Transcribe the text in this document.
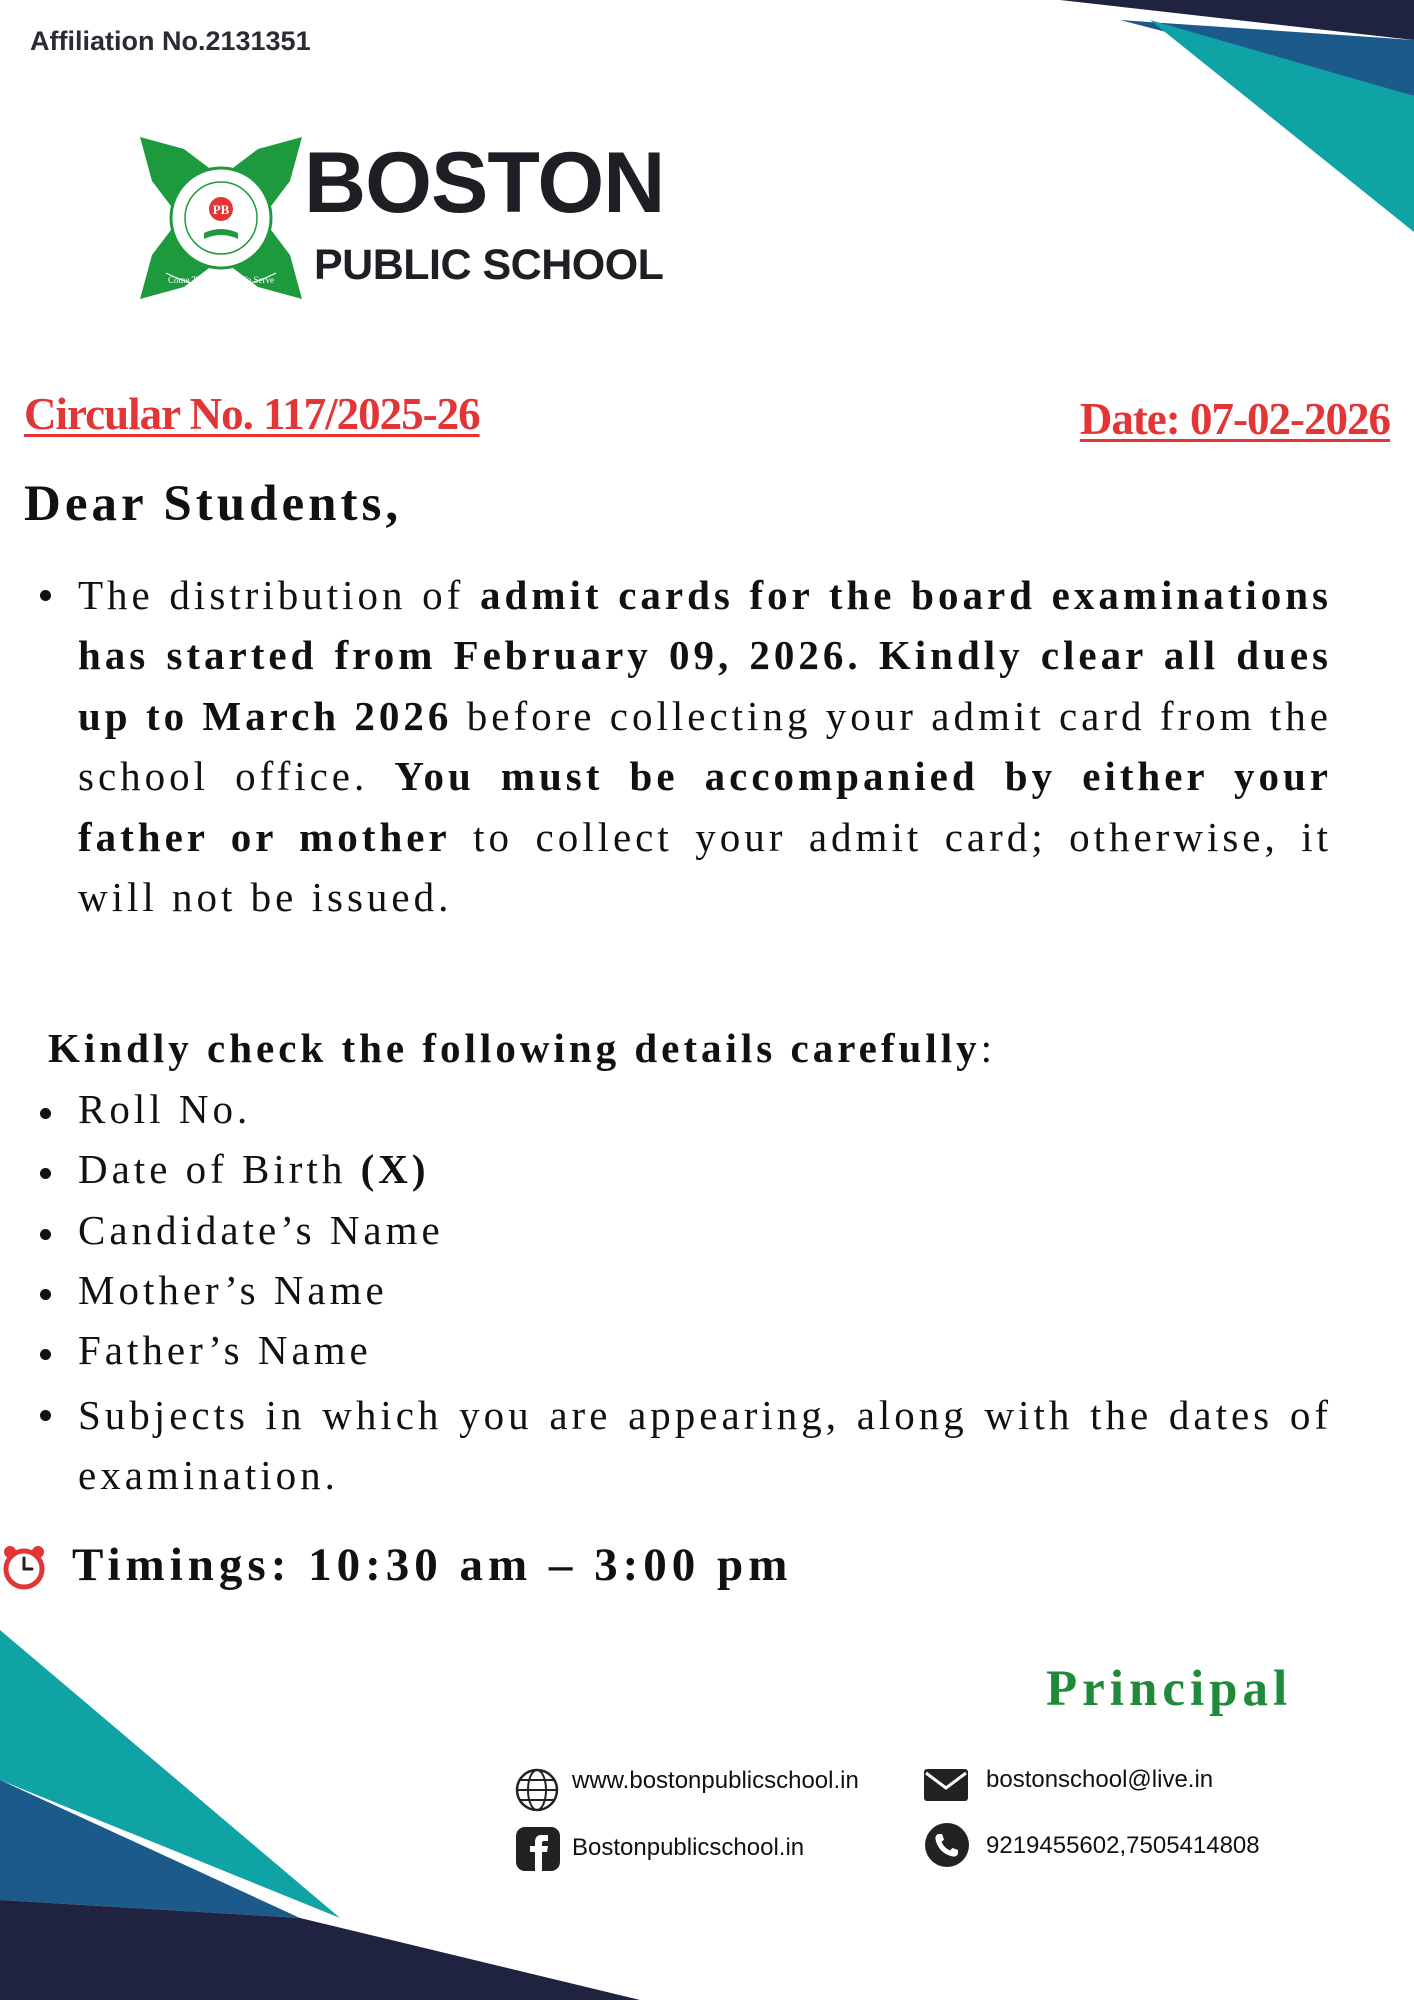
Affiliation No.2131351
PB
Come To Learn, Go To Serve
BOSTON
PUBLIC SCHOOL
Circular No. 117/2025-26	Date: 07-02-2026
Dear Students,

The distribution of admit cards for the board examinations has started from February 09, 2026. Kindly clear all dues up to March 2026 before collecting your admit card from the school office. You must be accompanied by either your father or mother to collect your admit card; otherwise, it will not be issued.

Kindly check the following details carefully:
Roll No.
Date of Birth (X)
Candidate’s Name
Mother’s Name
Father’s Name

Subjects in which you are appearing, along with the dates of examination.

Timings: 10:30 am – 3:00 pm
Principal
www.bostonpublicschool.in	bostonschool@live.in
Bostonpublicschool.in	9219455602,7505414808
